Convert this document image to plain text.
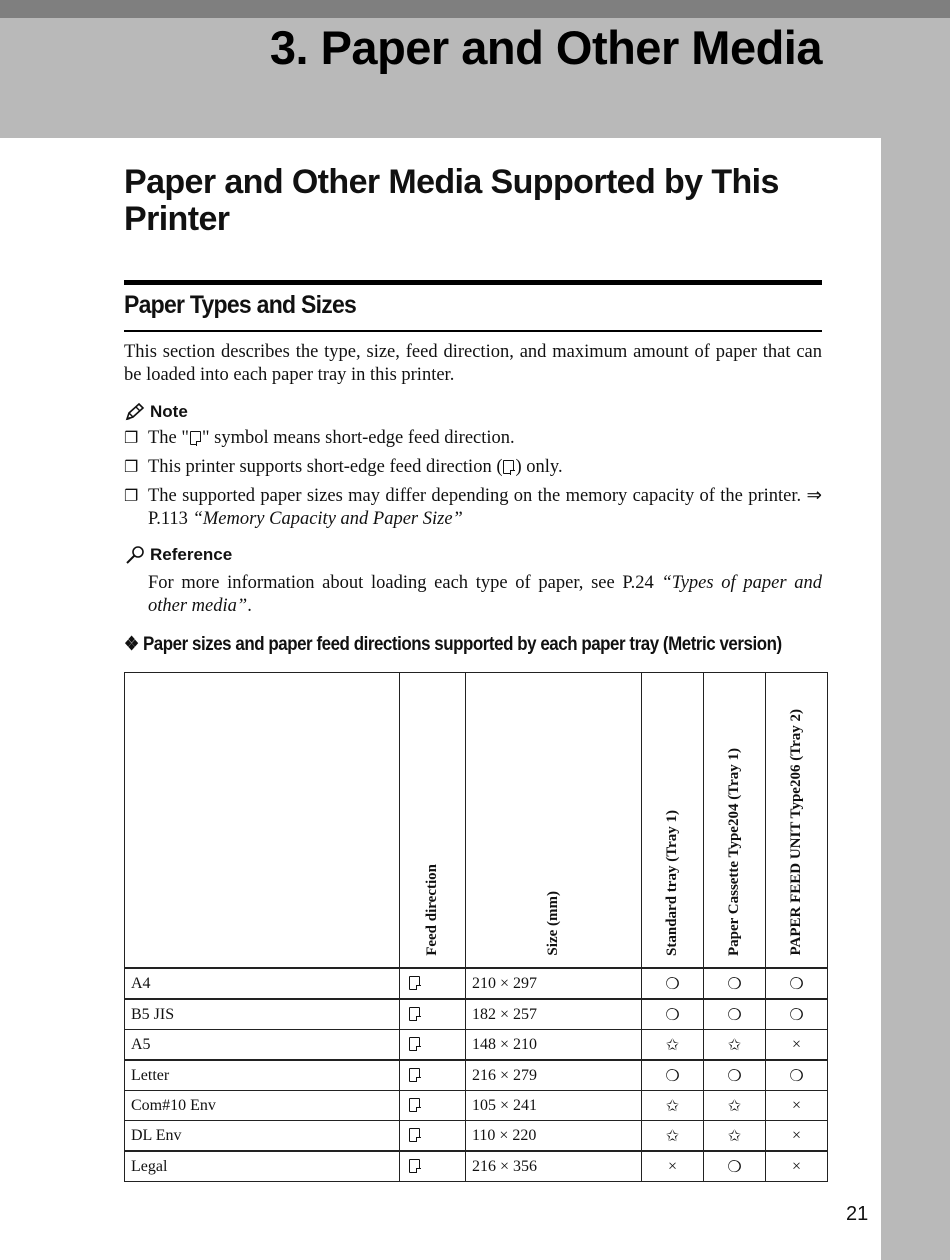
3. Paper and Other Media
Paper and Other Media Supported by This Printer
Paper Types and Sizes
This section describes the type, size, feed direction, and maximum amount of paper that can be loaded into each paper tray in this printer.
Note
❐ The " " symbol means short-edge feed direction.
❐ This printer supports short-edge feed direction ( ) only.
❐ The supported paper sizes may differ depending on the memory capacity of the printer. ⇒ P.113 “Memory Capacity and Paper Size”
Reference
For more information about loading each type of paper, see P.24 “Types of paper and other media”.
❖ Paper sizes and paper feed directions supported by each paper tray (Metric version)
	Feed direction	Size (mm)	Standard tray (Tray 1)	Paper Cassette Type204 (Tray 1)	PAPER FEED UNIT Type206 (Tray 2)
A4		210 × 297	❍	❍	❍
B5 JIS		182 × 257	❍	❍	❍
A5		148 × 210	✩	✩	×
Letter		216 × 279	❍	❍	❍
Com#10 Env		105 × 241	✩	✩	×
DL Env		110 × 220	✩	✩	×
Legal		216 × 356	×	❍	×
21
